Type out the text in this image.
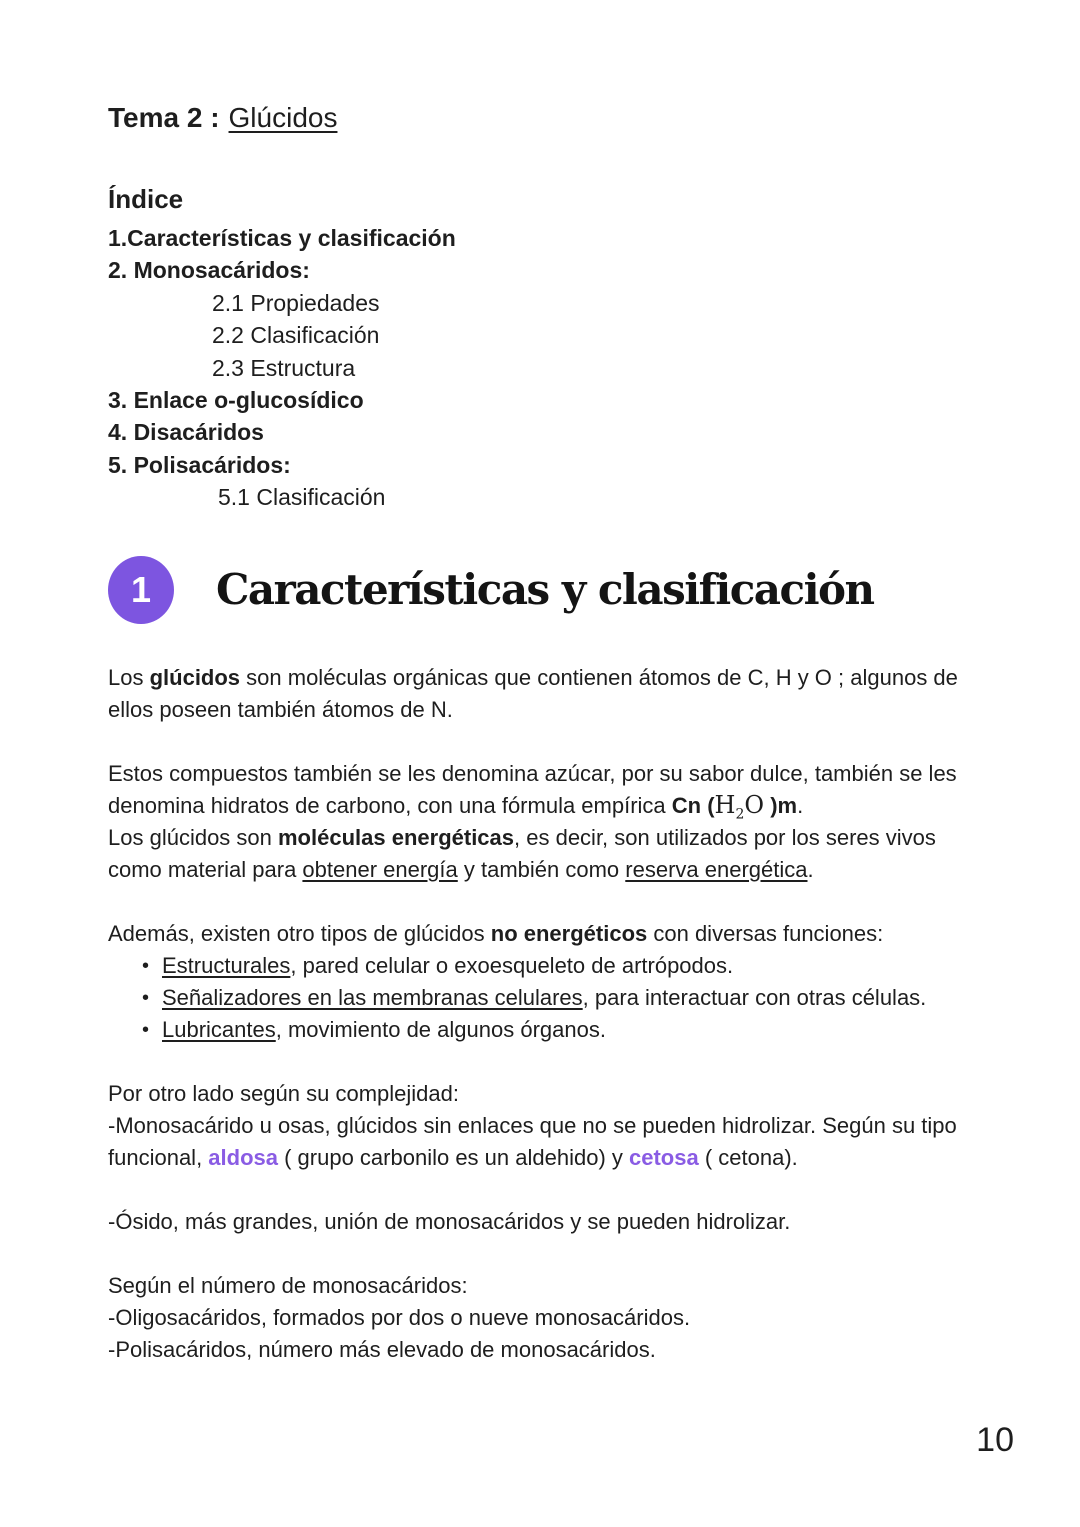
Tema 2 : Glúcidos
Índice
1.Características y clasificación
2. Monosacáridos:
2.1 Propiedades
2.2 Clasificación
2.3 Estructura
3. Enlace o-glucosídico
4. Disacáridos
5. Polisacáridos:
5.1 Clasificación
1 Características y clasificación

Los glúcidos son moléculas orgánicas que contienen átomos de C, H y O ; algunos de ellos poseen también átomos de N.

Estos compuestos también se les denomina azúcar, por su sabor dulce, también se les denomina hidratos de carbono, con una fórmula empírica Cn ($H_2O$ )m.
Los glúcidos son moléculas energéticas, es decir, son utilizados por los seres vivos como material para obtener energía y también como reserva energética.

Además, existen otro tipos de glúcidos no energéticos con diversas funciones:

• Estructurales, pared celular o exoesqueleto de artrópodos.
• Señalizadores en las membranas celulares, para interactuar con otras células.
• Lubricantes, movimiento de algunos órganos.

Por otro lado según su complejidad:
-Monosacárido u osas, glúcidos sin enlaces que no se pueden hidrolizar. Según su tipo funcional, aldosa ( grupo carbonilo es un aldehido) y cetosa ( cetona).

-Ósido, más grandes, unión de monosacáridos y se pueden hidrolizar.

Según el número de monosacáridos:
-Oligosacáridos, formados por dos o nueve monosacáridos.
-Polisacáridos, número más elevado de monosacáridos.

10
